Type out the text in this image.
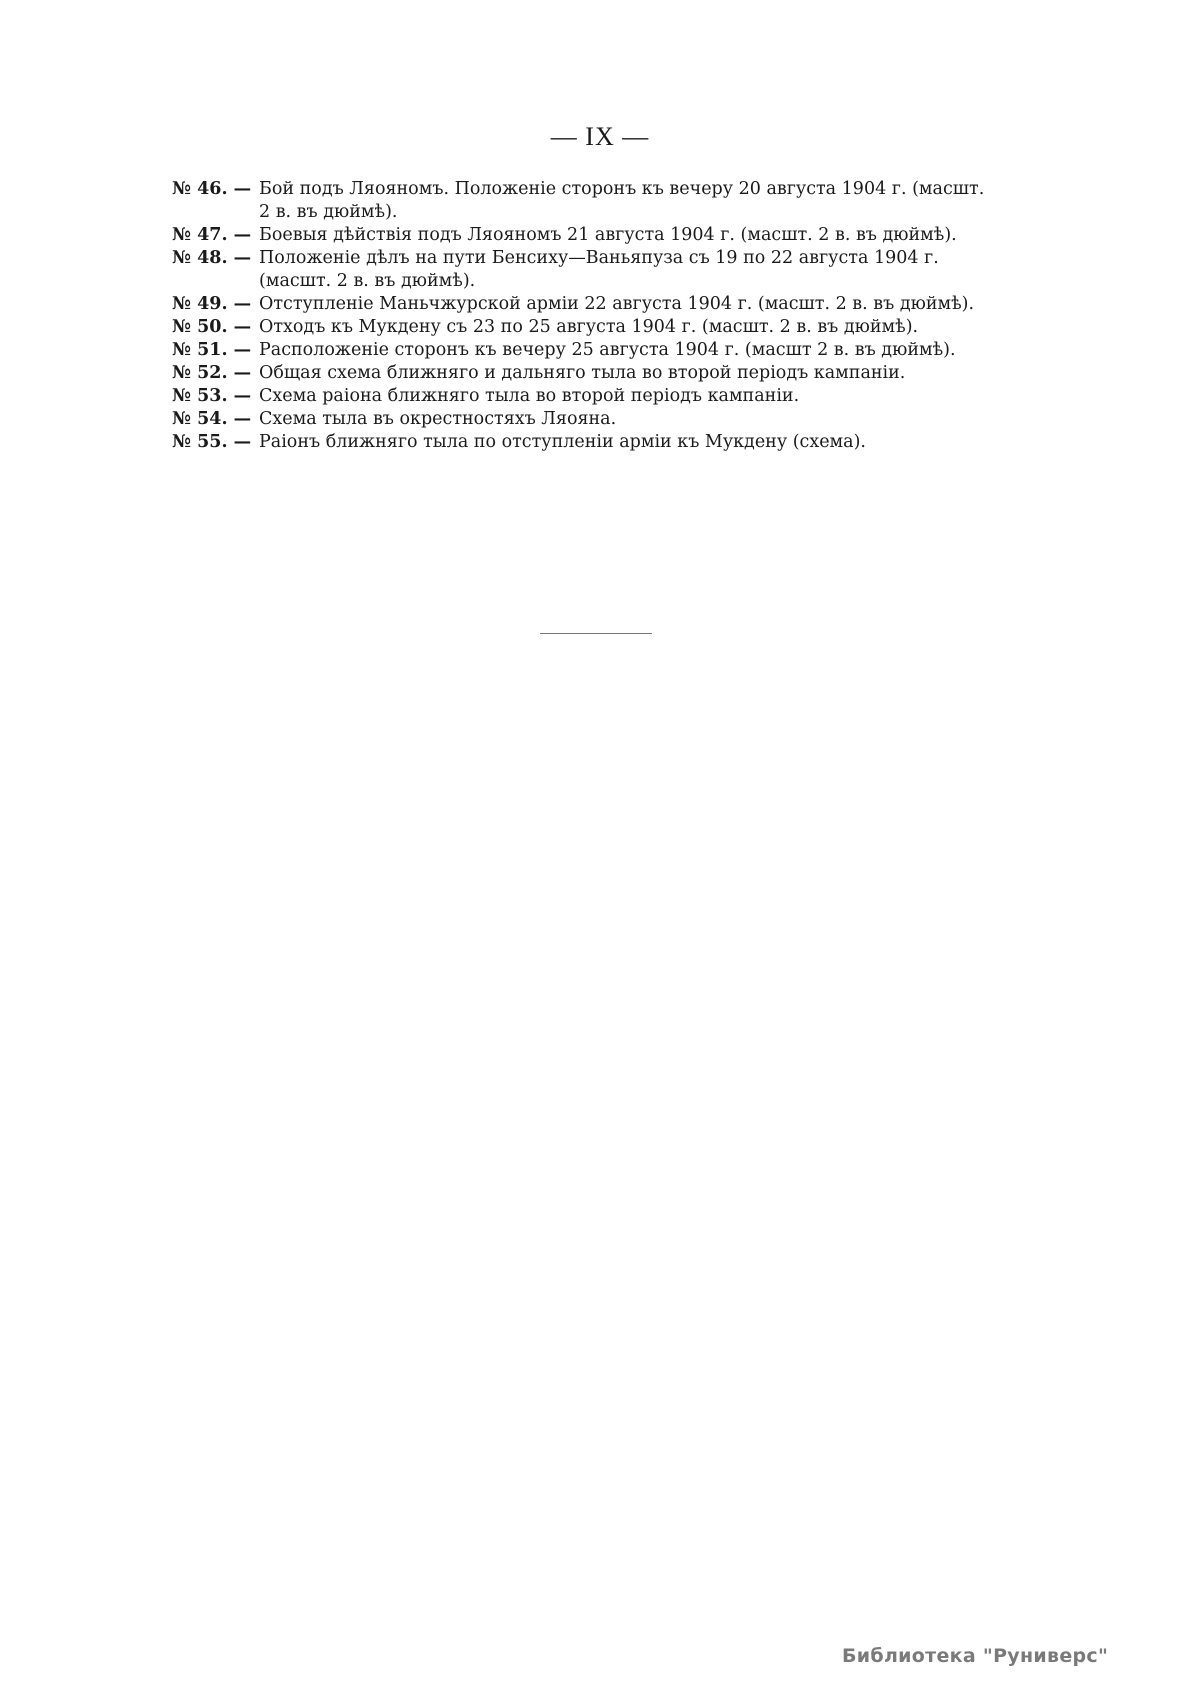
— IX —
№ 46. — Бой подъ Ляояномъ. Положеніе сторонъ къ вечеру 20 августа 1904 г. (масшт.
2 в. въ дюймѣ).
№ 47. — Боевыя дѣйствія подъ Ляояномъ 21 августа 1904 г. (масшт. 2 в. въ дюймѣ).
№ 48. — Положеніе дѣлъ на пути Бенсиху—Ваньяпуза съ 19 по 22 августа 1904 г.
(масшт. 2 в. въ дюймѣ).
№ 49. — Отступленіе Маньчжурской арміи 22 августа 1904 г. (масшт. 2 в. въ дюймѣ).
№ 50. — Отходъ къ Мукдену съ 23 по 25 августа 1904 г. (масшт. 2 в. въ дюймѣ).
№ 51. — Расположеніе сторонъ къ вечеру 25 августа 1904 г. (масшт 2 в. въ дюймѣ).
№ 52. — Общая схема ближняго и дальняго тыла во второй періодъ кампаніи.
№ 53. — Схема раіона ближняго тыла во второй періодъ кампаніи.
№ 54. — Схема тыла въ окрестностяхъ Ляояна.
№ 55. — Раіонъ ближняго тыла по отступленіи арміи къ Мукдену (схема).
Библиотека "Руниверс"
